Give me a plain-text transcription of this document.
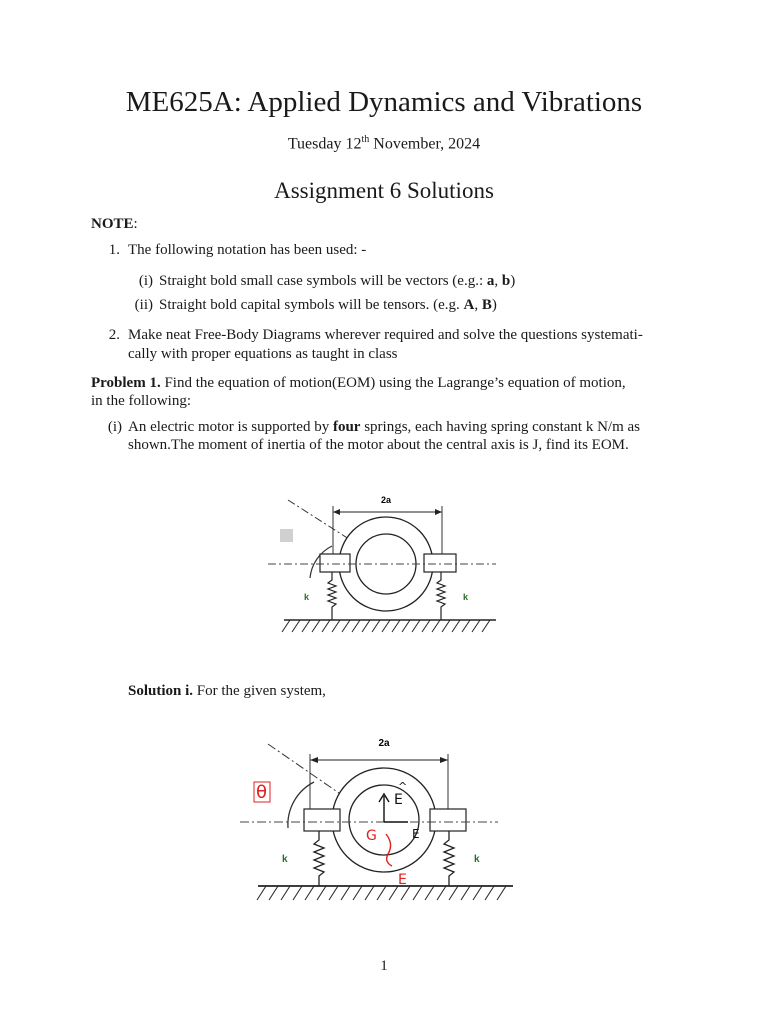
ME625A: Applied Dynamics and Vibrations
Tuesday 12th November, 2024
Assignment 6 Solutions
NOTE:
1. The following notation has been used: -
(i) Straight bold small case symbols will be vectors (e.g.: a, b)
(ii) Straight bold capital symbols will be tensors. (e.g. A, B)
2. Make neat Free-Body Diagrams wherever required and solve the questions systemati-
cally with proper equations as taught in class
Problem 1. Find the equation of motion(EOM) using the Lagrange’s equation of motion,
in the following:
(i) An electric motor is supported by four springs, each having spring constant k N/m as
shown.The moment of inertia of the motor about the central axis is J, find its EOM.
2a
k	k
Solution i. For the given system,
2a
θ	E
^
E
G
E
k	k
1
